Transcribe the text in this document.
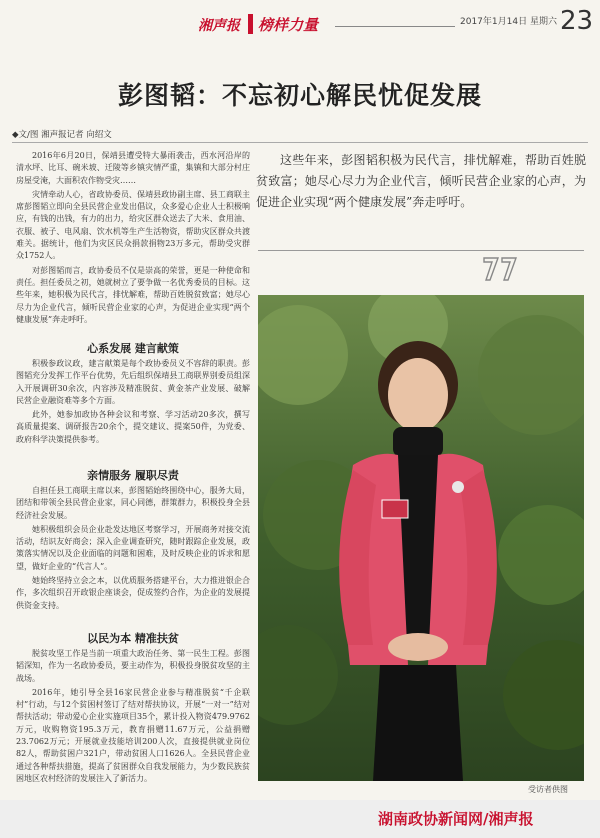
湘声报 榜样力量	2017年1月14日 星期六 23
彭图韬：不忘初心解民忧促发展
◆文/图 湘声报记者 向绍文

2016年6月20日，保靖县遭受特大暴雨袭击，西水河沿岸的清水坪、比耳、碗米坡、迁陵等乡镇灾情严重，集镇和大部分村庄房屋受淹，大面积农作物受灾……

灾情牵动人心，省政协委员、保靖县政协副主席、县工商联主席彭图韬立即向全县民营企业发出倡议，众多爱心企业人士积极响应，有钱的出钱，有力的出力，给灾区群众送去了大米、食用油、衣服、被子、电风扇、饮水机等生产生活物资，帮助灾区群众共渡难关。据统计，他们为灾区民众捐款捐物23万多元，帮助受灾群众1752人。

对彭图韬而言，政协委员不仅是崇高的荣誉，更是一种使命和责任。担任委员之初，她就树立了要争做一名优秀委员的目标。这些年来，她积极为民代言，排忧解难，帮助百姓脱贫致富；她尽心尽力为企业代言，倾听民营企业家的心声，为促进企业实现“两个健康发展”奔走呼吁。

心系发展 建言献策

积极参政议政，建言献策是每个政协委员义不容辞的职责。彭图韬充分发挥工作平台优势，先后组织保靖县工商联界别委员组深入开展调研30余次，内容涉及精准脱贫、黄金茶产业发展、破解民营企业融资难等多个方面。

此外，她参加政协各种会议和考察、学习活动20多次，撰写高质量提案、调研报告20余个，提交建议、提案50件，为党委、政府科学决策提供参考。

亲情服务 履职尽责

自担任县工商联主席以来，彭图韬始终围绕中心，服务大局，团结和带领全县民营企业家，同心同德，群策群力，积极投身全县经济社会发展。

她积极组织会员企业赴发达地区考察学习，开展商务对接交流活动，结识友好商会；深入企业调查研究，随时跟踪企业发展，政策落实情况以及企业面临的问题和困难，及时反映企业的诉求和愿望，做好企业的“代言人”。

她始终坚持立会之本，以优质服务搭建平台，大力推进银企合作，多次组织召开政银企座谈会，促成签约合作，为企业的发展提供资金支持。

以民为本 精准扶贫

脱贫攻坚工作是当前一项重大政治任务、第一民生工程。彭图韬深知，作为一名政协委员，要主动作为，积极投身脱贫攻坚的主战场。

2016年，她引导全县16家民营企业参与精准脱贫“千企联村”行动，与12个贫困村签订了结对帮扶协议，开展“一对一”结对帮扶活动；带动爱心企业实施项目35个，累计投入物资479.9762万元，收购物资195.3万元，教育捐赠11.67万元，公益捐赠23.7062万元；开展就业技能培训200人次，直接提供就业岗位82人，帮助贫困户321户，带动贫困人口1626人。全县民营企业通过各种帮扶措施，提高了贫困群众自我发展能力，为少数民族贫困地区农村经济的发展注入了新活力。

这些年来，彭图韬积极为民代言，排忧解难，帮助百姓脱贫致富；她尽心尽力为企业代言，倾听民营企业家的心声，为促进企业实现“两个健康发展”奔走呼吁。

受访者供图
湖南政协新闻网/湘声报
